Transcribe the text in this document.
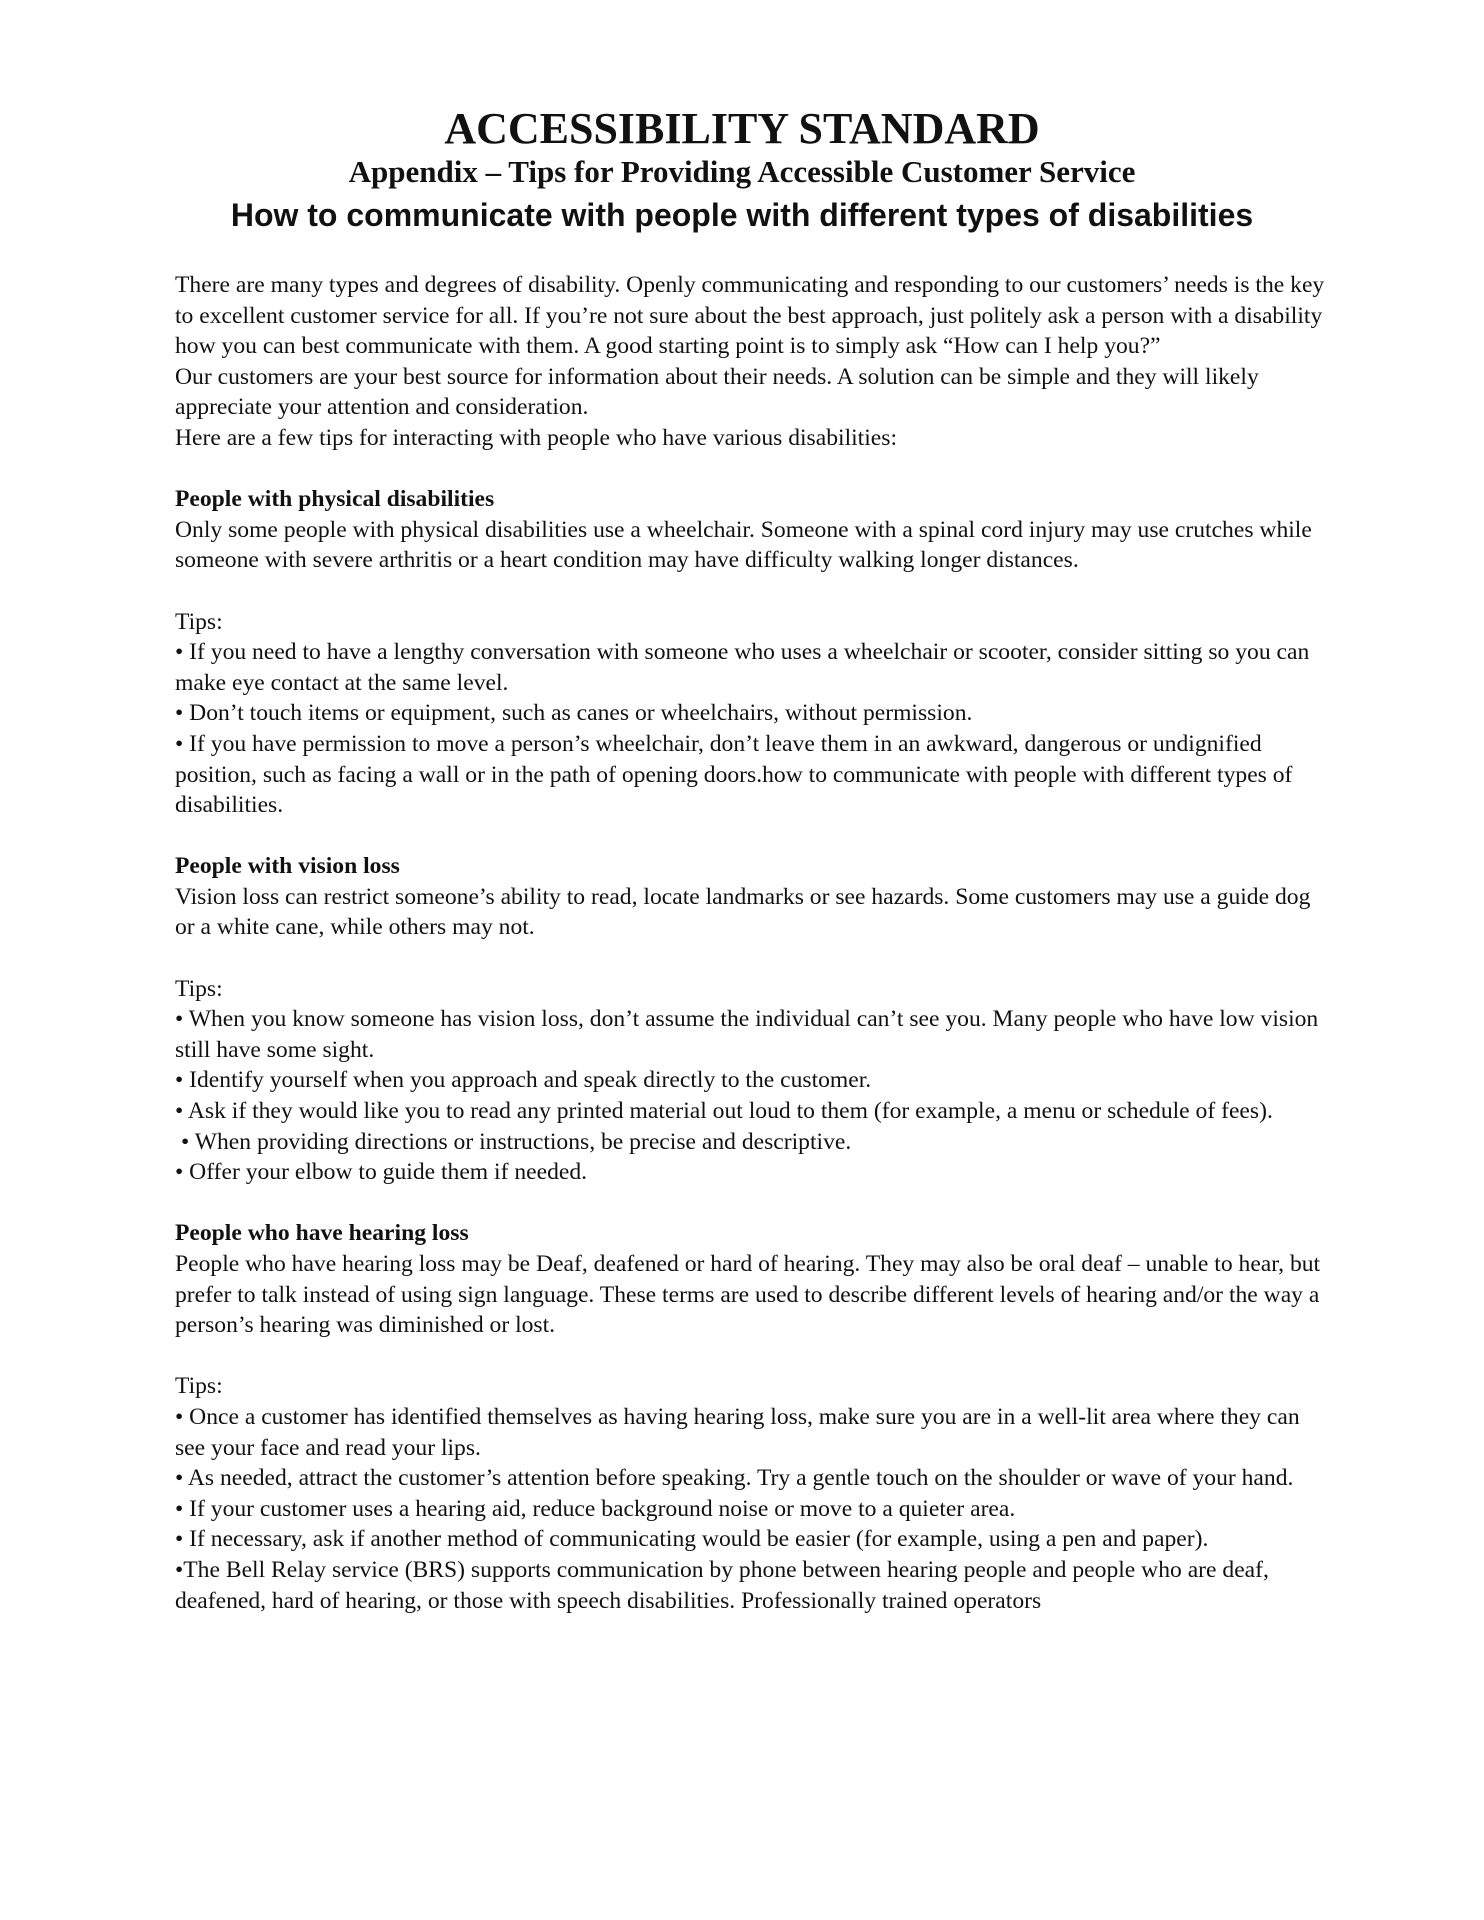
ACCESSIBILITY STANDARD
Appendix – Tips for Providing Accessible Customer Service
How to communicate with people with different types of disabilities

There are many types and degrees of disability. Openly communicating and responding to our customers’ needs is the key to excellent customer service for all. If you’re not sure about the best approach, just politely ask a person with a disability how you can best communicate with them. A good starting point is to simply ask “How can I help you?”

Our customers are your best source for information about their needs. A solution can be simple and they will likely appreciate your attention and consideration.

Here are a few tips for interacting with people who have various disabilities:

People with physical disabilities

Only some people with physical disabilities use a wheelchair. Someone with a spinal cord injury may use crutches while someone with severe arthritis or a heart condition may have difficulty walking longer distances.

Tips:

• If you need to have a lengthy conversation with someone who uses a wheelchair or scooter, consider sitting so you can make eye contact at the same level.

• Don’t touch items or equipment, such as canes or wheelchairs, without permission.

• If you have permission to move a person’s wheelchair, don’t leave them in an awkward, dangerous or undignified position, such as facing a wall or in the path of opening doors.how to communicate with people with different types of disabilities.

People with vision loss

Vision loss can restrict someone’s ability to read, locate landmarks or see hazards. Some customers may use a guide dog or a white cane, while others may not.

Tips:

• When you know someone has vision loss, don’t assume the individual can’t see you. Many people who have low vision still have some sight.

• Identify yourself when you approach and speak directly to the customer.

• Ask if they would like you to read any printed material out loud to them (for example, a menu or schedule of fees).

• When providing directions or instructions, be precise and descriptive.

• Offer your elbow to guide them if needed.

People who have hearing loss

People who have hearing loss may be Deaf, deafened or hard of hearing. They may also be oral deaf – unable to hear, but prefer to talk instead of using sign language. These terms are used to describe different levels of hearing and/or the way a person’s hearing was diminished or lost.

Tips:

• Once a customer has identified themselves as having hearing loss, make sure you are in a well-lit area where they can see your face and read your lips.

• As needed, attract the customer’s attention before speaking. Try a gentle touch on the shoulder or wave of your hand.

• If your customer uses a hearing aid, reduce background noise or move to a quieter area.

• If necessary, ask if another method of communicating would be easier (for example, using a pen and paper).

•The Bell Relay service (BRS) supports communication by phone between hearing people and people who are deaf, deafened, hard of hearing, or those with speech disabilities. Professionally trained operators
